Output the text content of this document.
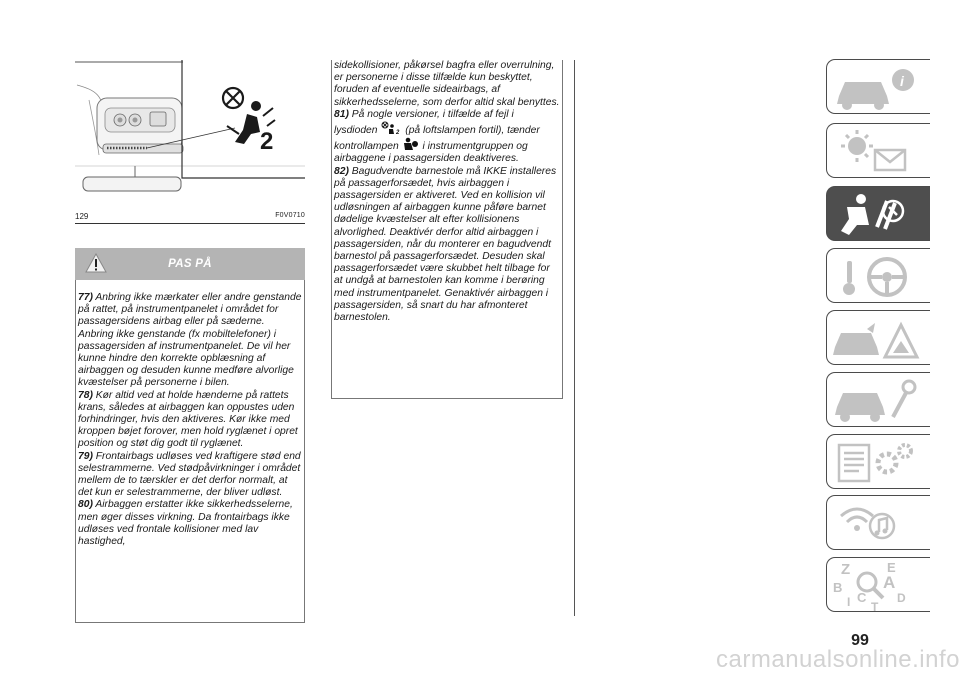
2
129	F0V0710
PAS PÅ

77) Anbring ikke mærkater eller andre genstande på rattet, på instrumentpanelet i området for passagersidens airbag eller på sæderne. Anbring ikke genstande (fx mobiltelefoner) i passagersiden af instrumentpanelet. De vil her kunne hindre den korrekte opblæsning af airbaggen og desuden kunne medføre alvorlige kvæstelser på personerne i bilen.

78) Kør altid ved at holde hænderne på rattets krans, således at airbaggen kan oppustes uden forhindringer, hvis den aktiveres. Kør ikke med kroppen bøjet forover, men hold ryglænet i opret position og støt dig godt til ryglænet.

79) Frontairbags udløses ved kraftigere stød end selestrammerne. Ved stødpåvirkninger i området mellem de to tærskler er det derfor normalt, at det kun er selestrammerne, der bliver udløst.

80) Airbaggen erstatter ikke sikkerhedsselerne, men øger disses virkning. Da frontairbags ikke udløses ved frontale kollisioner med lav hastighed,

sidekollisioner, påkørsel bagfra eller overrulning, er personerne i disse tilfælde kun beskyttet, foruden af eventuelle sideairbags, af sikkerhedsselerne, som derfor altid skal benyttes.

81) På nogle versioner, i tilfælde af fejl i lysdioden	2 (på loftslampen fortil), tænder kontrollampen i instrumentgruppen og airbaggene i passagersiden deaktiveres.

82) Bagudvendte barnestole må IKKE installeres på passagerforsædet, hvis airbaggen i passagersiden er aktiveret. Ved en kollision vil udløsningen af airbaggen kunne påføre barnet dødelige kvæstelser alt efter kollisionens alvorlighed. Deaktivér derfor altid airbaggen i passagersiden, når du monterer en bagudvendt barnestol på passagerforsædet. Desuden skal passagerforsædet være skubbet helt tilbage for at undgå at barnestolen kan komme i berøring med instrumentpanelet. Genaktivér airbaggen i passagersiden, så snart du har afmonteret barnestolen.

i
Z	E
B A
I C	D
T
99
carmanualsonline.info
